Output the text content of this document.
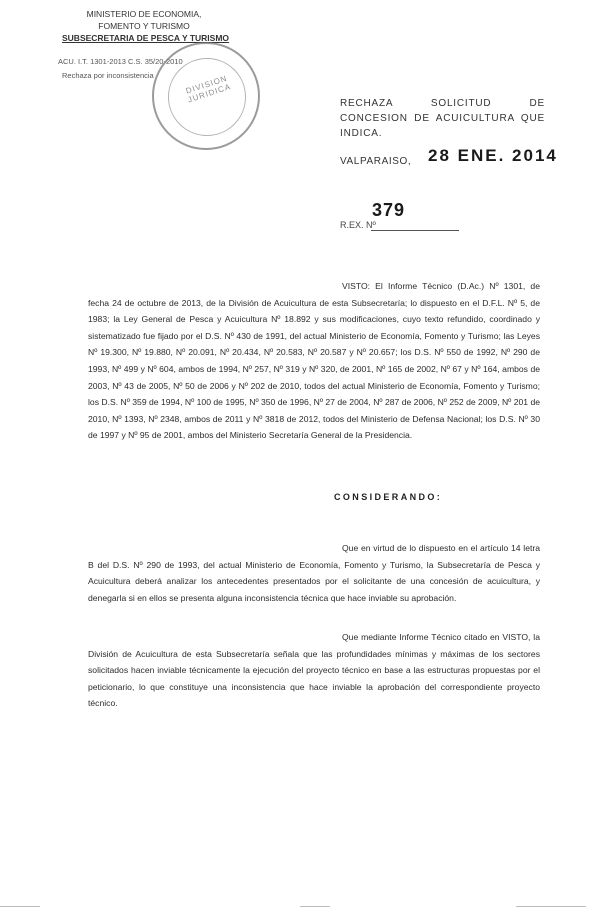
MINISTERIO DE ECONOMIA,
FOMENTO Y TURISMO
SUBSECRETARIA DE PESCA Y TURISMO
ACU. I.T. 1301-2013 C.S. 35/20-2010
Rechaza por inconsistencia	DIVISION JURIDICA	RECHAZA SOLICITUD DE CONCESION DE ACUICULTURA QUE INDICA.
VALPARAISO, 28 ENE. 2014
379
R.EX. Nº
VISTO: El Informe Técnico (D.Ac.) Nº 1301, de fecha 24 de octubre de 2013, de la División de Acuicultura de esta Subsecretaría; lo dispuesto en el D.F.L. Nº 5, de 1983; la Ley General de Pesca y Acuicultura Nº 18.892 y sus modificaciones, cuyo texto refundido, coordinado y sistematizado fue fijado por el D.S. Nº 430 de 1991, del actual Ministerio de Economía, Fomento y Turismo; las Leyes Nº 19.300, Nº 19.880, Nº 20.091, Nº 20.434, Nº 20.583, Nº 20.587 y Nº 20.657; los D.S. Nº 550 de 1992, Nº 290 de 1993, Nº 499 y Nº 604, ambos de 1994, Nº 257, Nº 319 y Nº 320, de 2001, Nº 165 de 2002, Nº 67 y Nº 164, ambos de 2003, Nº 43 de 2005, Nº 50 de 2006 y Nº 202 de 2010, todos del actual Ministerio de Economía, Fomento y Turismo; los D.S. Nº 359 de 1994, Nº 100 de 1995, Nº 350 de 1996, Nº 27 de 2004, Nº 287 de 2006, Nº 252 de 2009, Nº 201 de 2010, Nº 1393, Nº 2348, ambos de 2011 y Nº 3818 de 2012, todos del Ministerio de Defensa Nacional; los D.S. Nº 30 de 1997 y Nº 95 de 2001, ambos del Ministerio Secretaría General de la Presidencia.
CONSIDERANDO:
Que en virtud de lo dispuesto en el artículo 14 letra B del D.S. Nº 290 de 1993, del actual Ministerio de Economía, Fomento y Turismo, la Subsecretaría de Pesca y Acuicultura deberá analizar los antecedentes presentados por el solicitante de una concesión de acuicultura, y denegarla si en ellos se presenta alguna inconsistencia técnica que hace inviable su aprobación.
Que mediante Informe Técnico citado en VISTO, la División de Acuicultura de esta Subsecretaría señala que las profundidades mínimas y máximas de los sectores solicitados hacen inviable técnicamente la ejecución del proyecto técnico en base a las estructuras propuestas por el peticionario, lo que constituye una inconsistencia que hace inviable la aprobación del correspondiente proyecto técnico.
